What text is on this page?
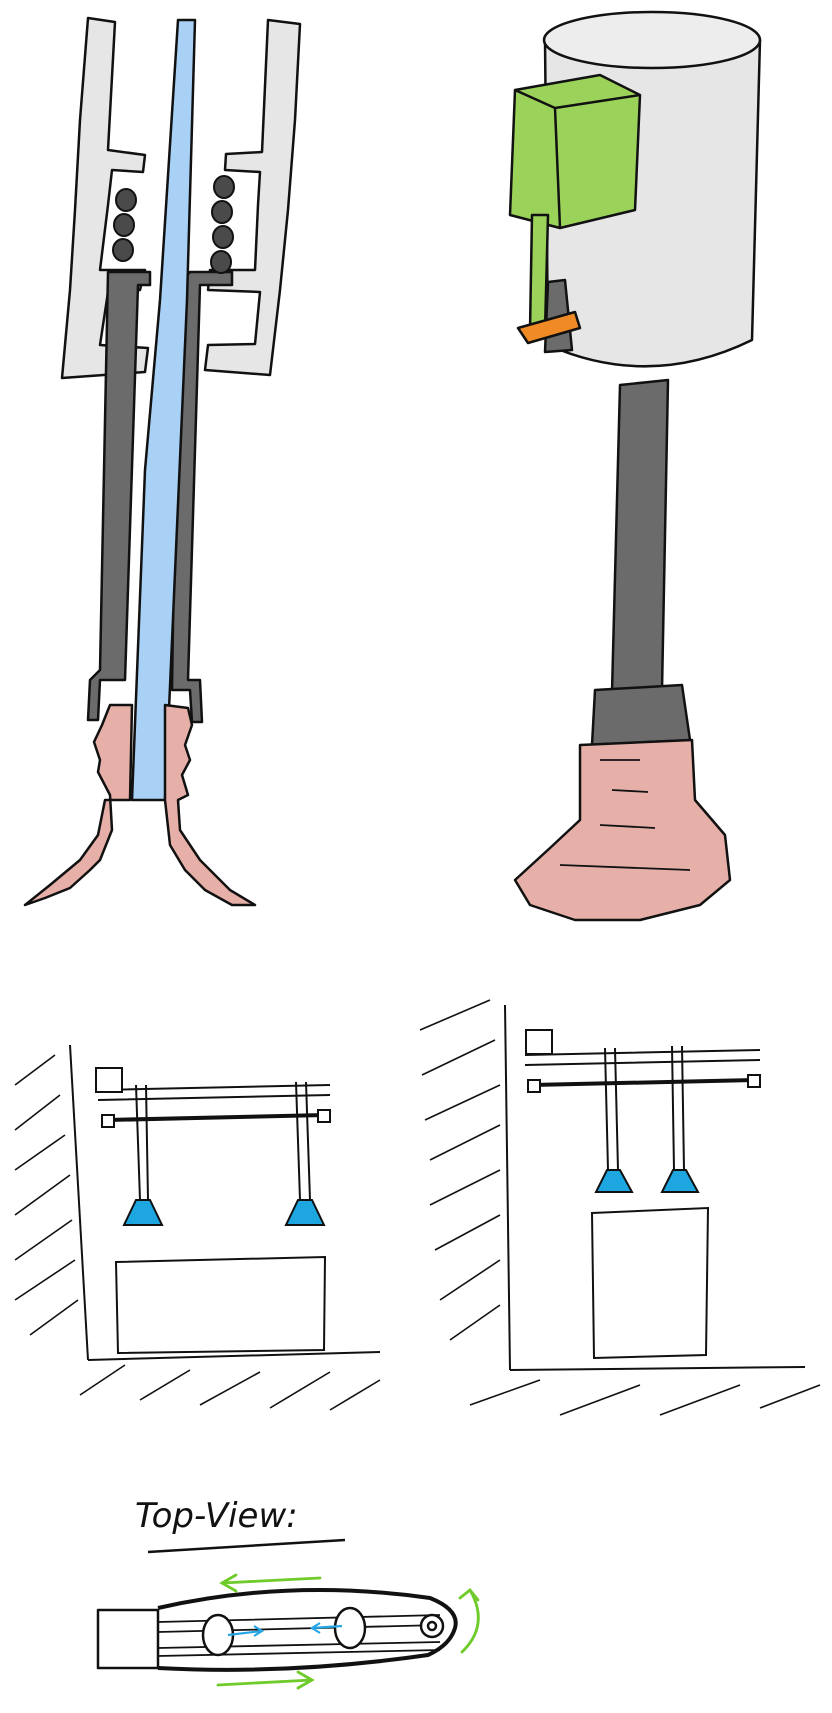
Top-View:
